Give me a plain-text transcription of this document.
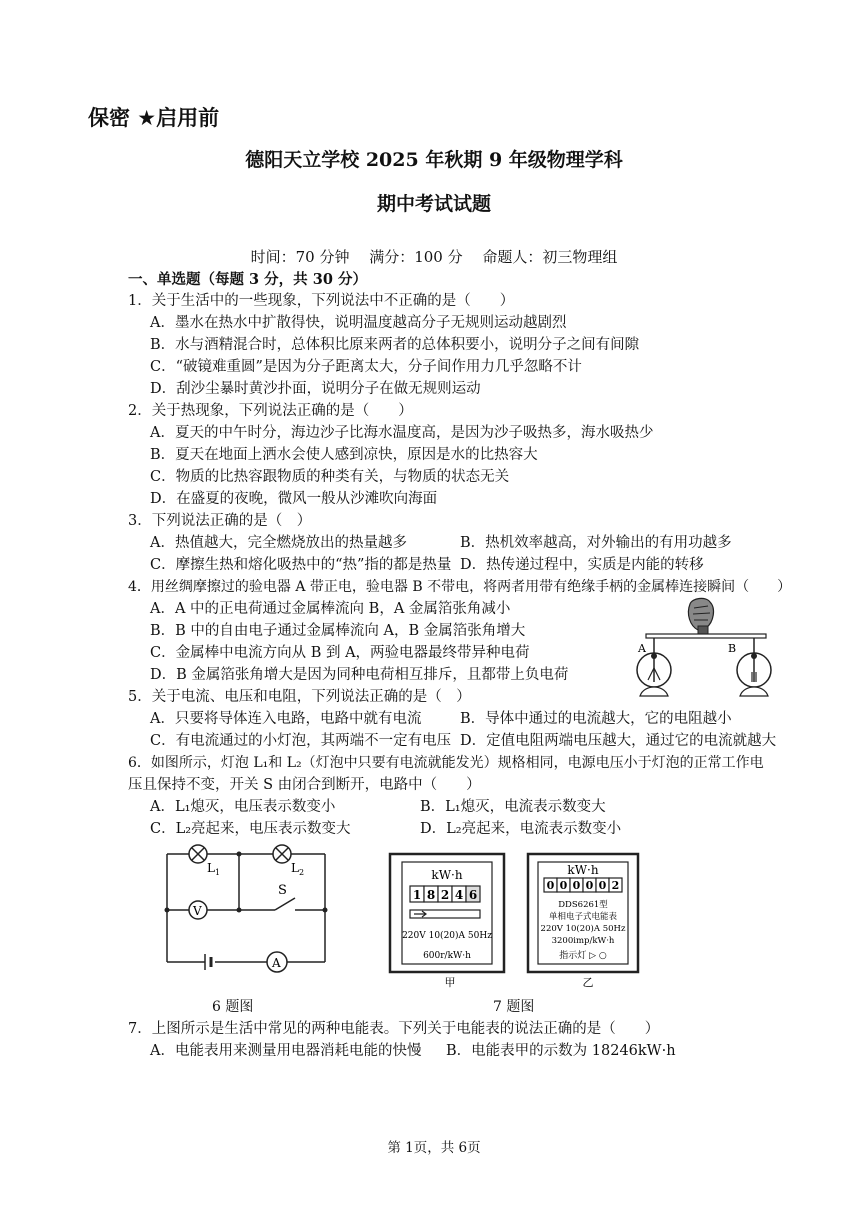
保密 ★启用前
德阳天立学校 2025 年秋期 9 年级物理学科
期中考试试题
时间：70 分钟　 满分：100 分　 命题人：初三物理组
一、单选题（每题 3 分，共 30 分）
1．关于生活中的一些现象，下列说法中不正确的是（　　）
A．墨水在热水中扩散得快，说明温度越高分子无规则运动越剧烈
B．水与酒精混合时，总体积比原来两者的总体积要小，说明分子之间有间隙
C．“破镜难重圆”是因为分子距离太大，分子间作用力几乎忽略不计
D．刮沙尘暴时黄沙扑面，说明分子在做无规则运动
2．关于热现象，下列说法正确的是（　　）
A．夏天的中午时分，海边沙子比海水温度高，是因为沙子吸热多，海水吸热少
B．夏天在地面上洒水会使人感到凉快，原因是水的比热容大
C．物质的比热容跟物质的种类有关，与物质的状态无关
D．在盛夏的夜晚，微风一般从沙滩吹向海面
3．下列说法正确的是（　）
A．热值越大，完全燃烧放出的热量越多	B．热机效率越高，对外输出的有用功越多
C．摩擦生热和熔化吸热中的“热”指的都是热量 D．热传递过程中，实质是内能的转移
4．用丝绸摩擦过的验电器 A 带正电，验电器 B 不带电，将两者用带有绝缘手柄的金属棒连接瞬间（　　）
A．A 中的正电荷通过金属棒流向 B，A 金属箔张角减小
B．B 中的自由电子通过金属棒流向 A，B 金属箔张角增大
C．金属棒中电流方向从 B 到 A，两验电器最终带异种电荷
D．B 金属箔张角增大是因为同种电荷相互排斥，且都带上负电荷
A	B
5．关于电流、电压和电阻，下列说法正确的是（　）
A．只要将导体连入电路，电路中就有电流	B．导体中通过的电流越大，它的电阻越小
C．有电流通过的小灯泡，其两端不一定有电压 D．定值电阻两端电压越大，通过它的电流就越大
6．如图所示，灯泡 L₁和 L₂（灯泡中只要有电流就能发光）规格相同，电源电压小于灯泡的正常工作电
压且保持不变，开关 S 由闭合到断开，电路中（　　）
A．L₁熄灭，电压表示数变小	B．L₁熄灭，电流表示数变大
C．L₂亮起来，电压表示数变大	D．L₂亮起来，电流表示数变小
L 1	L 2
S
V
A
6 题图
kW·h
1 8 2 4 6
220V 10(20)A 50Hz
600r/kW·h
甲
kW·h
0 0 0 0 0 2
DDS6261型
单相电子式电能表
220V 10(20)A 50Hz
3200imp/kW·h
指示灯 ▷ ○
乙
7 题图
7．上图所示是生活中常见的两种电能表。下列关于电能表的说法正确的是（　　）
A．电能表用来测量用电器消耗电能的快慢 B．电能表甲的示数为 18246kW·h
第 1页，共 6页
